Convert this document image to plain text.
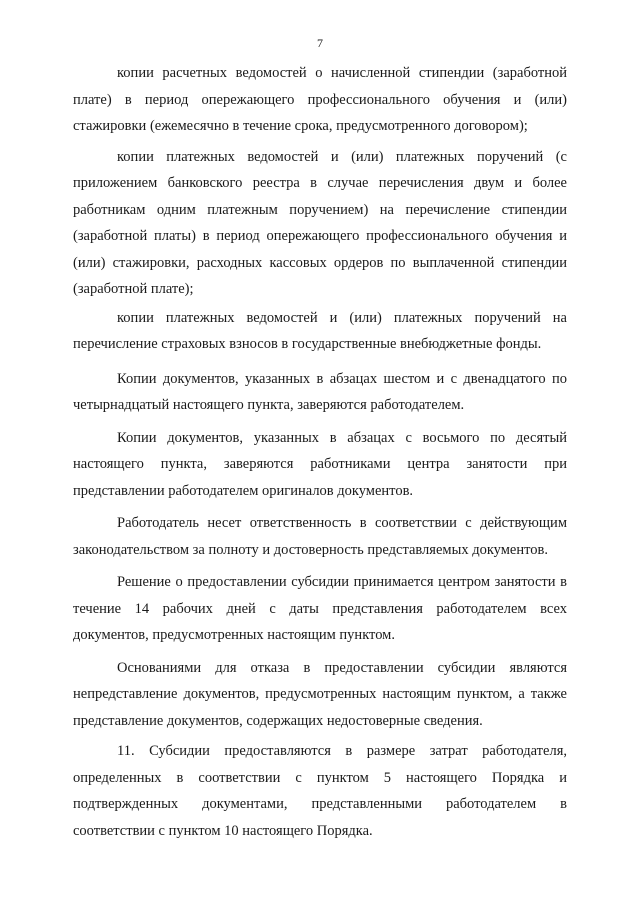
7

копии расчетных ведомостей о начисленной стипендии (заработной плате) в период опережающего профессионального обучения и (или) стажировки (ежемесячно в течение срока, предусмотренного договором);

копии платежных ведомостей и (или) платежных поручений (с приложением банковского реестра в случае перечисления двум и более работникам одним платежным поручением) на перечисление стипендии (заработной платы) в период опережающего профессионального обучения и (или) стажировки, расходных кассовых ордеров по выплаченной стипендии (заработной плате);

копии платежных ведомостей и (или) платежных поручений на перечисление страховых взносов в государственные внебюджетные фонды.

Копии документов, указанных в абзацах шестом и с двенадцатого по четырнадцатый настоящего пункта, заверяются работодателем.

Копии документов, указанных в абзацах с восьмого по десятый настоящего пункта, заверяются работниками центра занятости при представлении работодателем оригиналов документов.

Работодатель несет ответственность в соответствии с действующим законодательством за полноту и достоверность представляемых документов.

Решение о предоставлении субсидии принимается центром занятости в течение 14 рабочих дней с даты представления работодателем всех документов, предусмотренных настоящим пунктом.

Основаниями для отказа в предоставлении субсидии являются непредставление документов, предусмотренных настоящим пунктом, а также представление документов, содержащих недостоверные сведения.

11. Субсидии предоставляются в размере затрат работодателя, определенных в соответствии с пунктом 5 настоящего Порядка и подтвержденных документами, представленными работодателем в соответствии с пунктом 10 настоящего Порядка.
